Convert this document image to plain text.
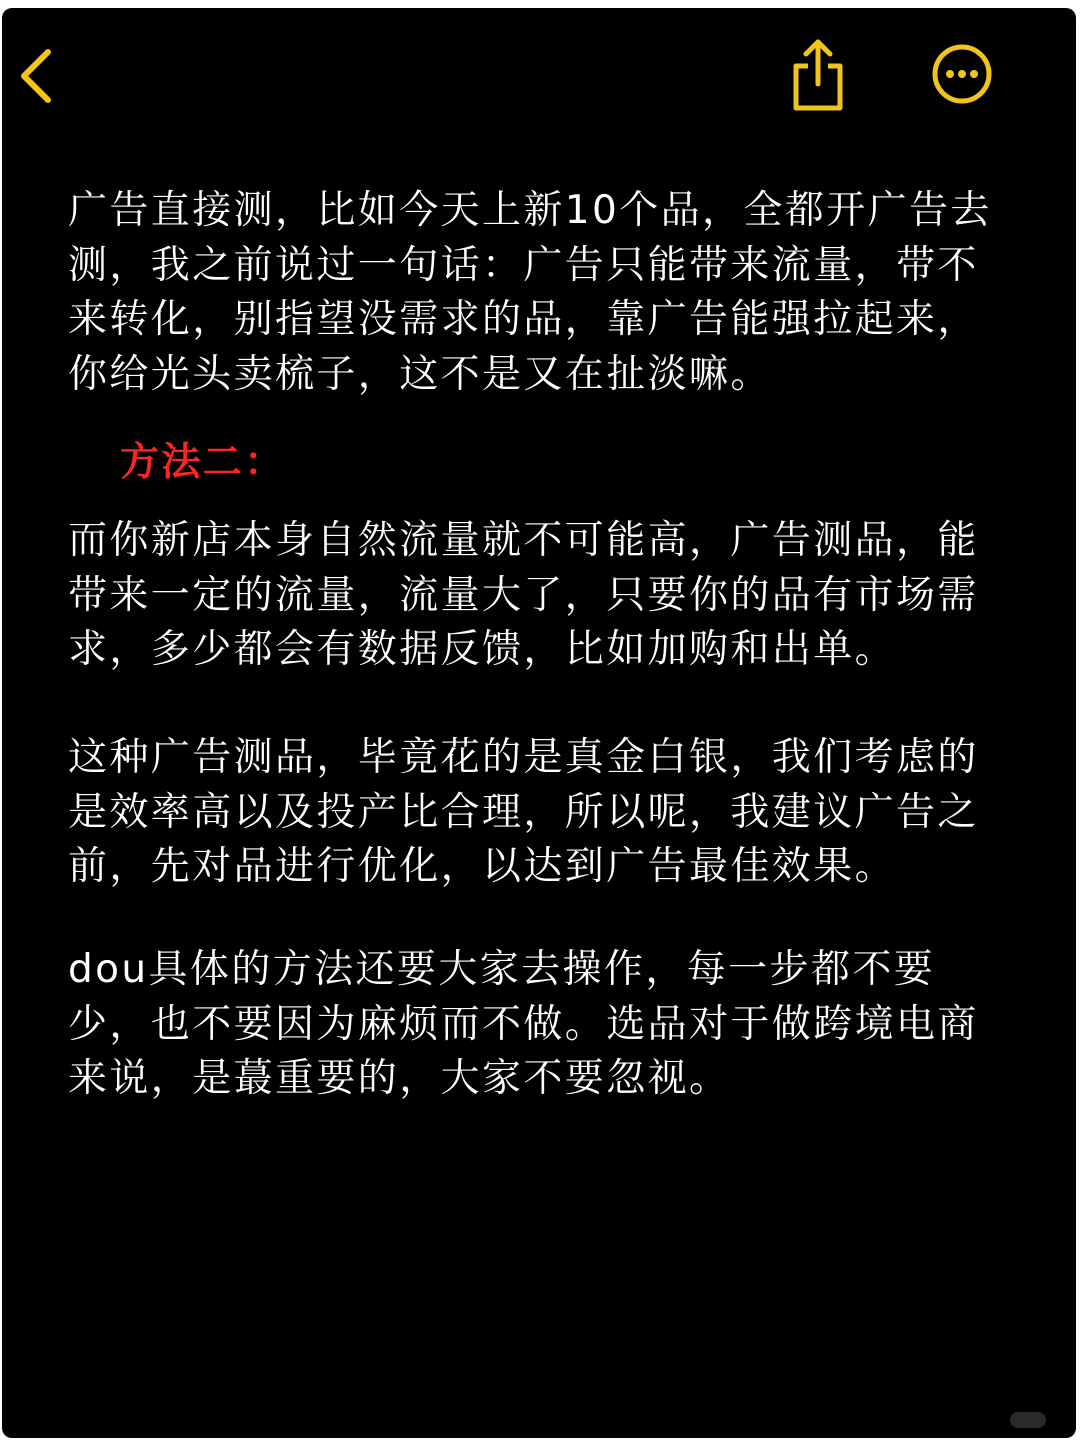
广告直接测，比如今天上新10个品，全都开广告去测，我之前说过一句话：广告只能带来流量，带不来转化，别指望没需求的品，靠广告能强拉起来，你给光头卖梳子，这不是又在扯淡嘛。

方法二：

而你新店本身自然流量就不可能高，广告测品，能带来一定的流量，流量大了，只要你的品有市场需求，多少都会有数据反馈，比如加购和出单。

这种广告测品，毕竟花的是真金白银，我们考虑的是效率高以及投产比合理，所以呢，我建议广告之前，先对品进行优化，以达到广告最佳效果。

dou具体的方法还要大家去操作，每一步都不要少，也不要因为麻烦而不做。选品对于做跨境电商来说，是蕞重要的，大家不要忽视。
